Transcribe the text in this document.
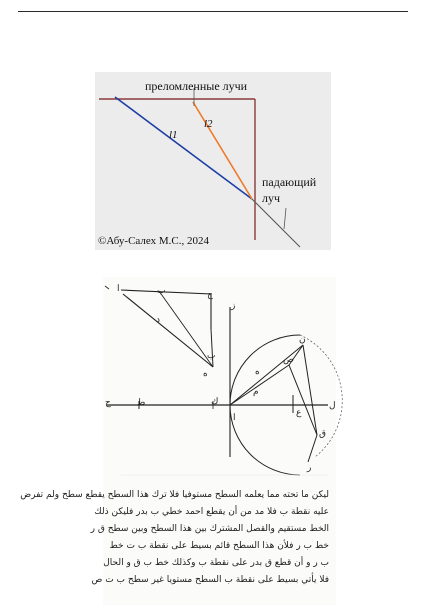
преломленные лучи
l1
l2
падающий
луч
©Абу-Салех М.С., 2024
ا	ب	ج
د
ه
ز
ح	ط	ك	ل
م
ن
ص
ع
ق
ر
ب
ا
ه
ليكن ما تحته مما يعلمه السطح مستوفيا فلا ترك هذا السطح يقطع سطح ولم تفرض
عليه نقطة ب فلا مد من أن يقطع احمد خطي ب بدر فليكن ذلك
الخط مستقيم والقصل المشترك بين هذا السطح وبين سطح ق ر
خط ب ر فلأن هذا السطح قائم بسيط على نقطة ب ت خط
ب ر و أن قطع ق بدر على نقطة ب وكذلك خط ب ق و الحال
فلا يأتي بسيط على نقطة ب السطح مستويا غير سطح ب ت ص
